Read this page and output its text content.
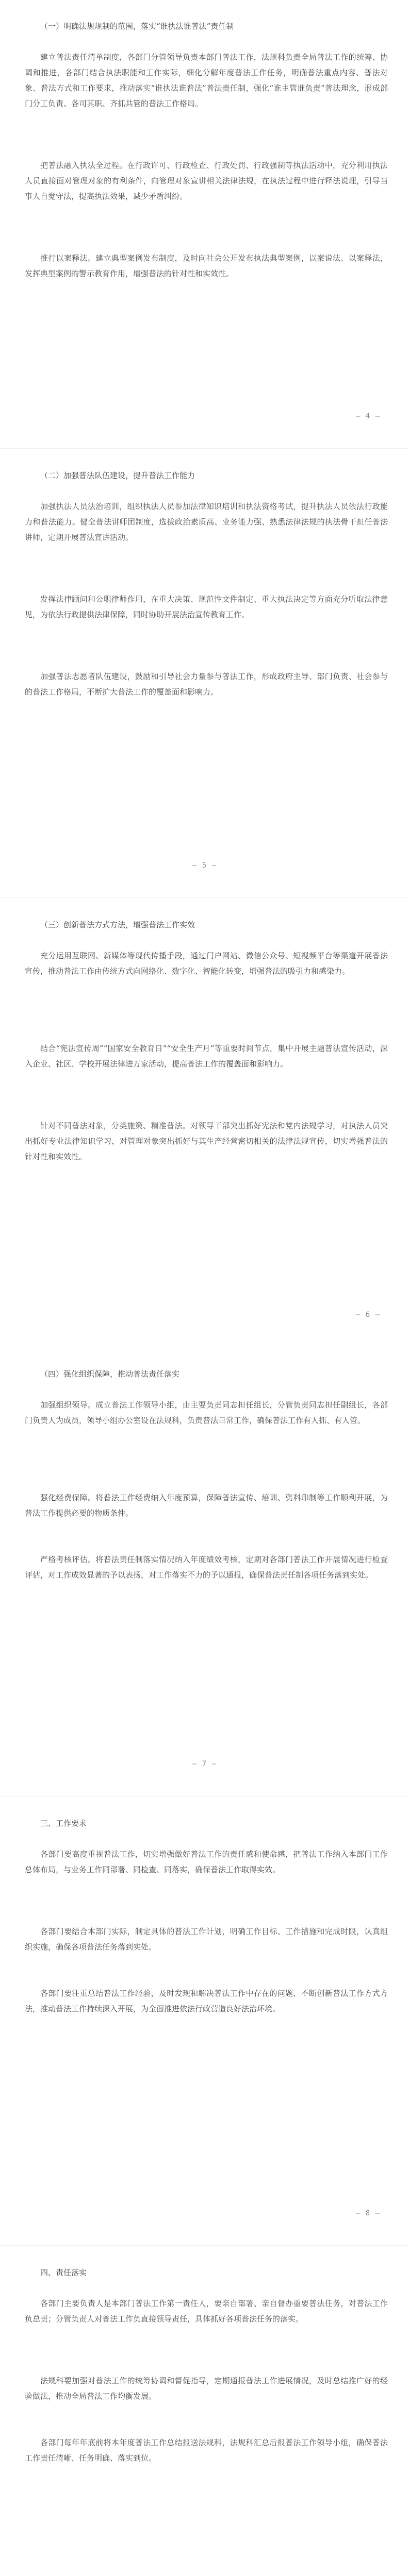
（一）明确法规规制的范围，落实“谁执法谁普法”责任制
建立普法责任清单制度，各部门分管领导负责本部门普法工作，法规科负责全局普法工作的统筹、协调和推进，各部门结合执法职能和工作实际，细化分解年度普法工作任务，明确普法重点内容、普法对象、普法方式和工作要求，推动落实“谁执法谁普法”普法责任制，强化“谁主管谁负责”普法理念，形成部门分工负责、各司其职、齐抓共管的普法工作格局。
把普法融入执法全过程。在行政许可、行政检查、行政处罚、行政强制等执法活动中，充分利用执法人员直接面对管理对象的有利条件，向管理对象宣讲相关法律法规，在执法过程中进行释法说理，引导当事人自觉守法，提高执法效果，减少矛盾纠纷。
推行以案释法。建立典型案例发布制度，及时向社会公开发布执法典型案例，以案说法、以案释法，发挥典型案例的警示教育作用，增强普法的针对性和实效性。
— 4 —
（二）加强普法队伍建设，提升普法工作能力
加强执法人员法治培训，组织执法人员参加法律知识培训和执法资格考试，提升执法人员依法行政能力和普法能力。健全普法讲师团制度，选拔政治素质高、业务能力强、熟悉法律法规的执法骨干担任普法讲师，定期开展普法宣讲活动。
发挥法律顾问和公职律师作用，在重大决策、规范性文件制定、重大执法决定等方面充分听取法律意见，为依法行政提供法律保障，同时协助开展法治宣传教育工作。
加强普法志愿者队伍建设，鼓励和引导社会力量参与普法工作，形成政府主导、部门负责、社会参与的普法工作格局，不断扩大普法工作的覆盖面和影响力。
— 5 —
（三）创新普法方式方法，增强普法工作实效
充分运用互联网、新媒体等现代传播手段，通过门户网站、微信公众号、短视频平台等渠道开展普法宣传，推动普法工作由传统方式向网络化、数字化、智能化转变，增强普法的吸引力和感染力。
结合“宪法宣传周”“国家安全教育日”“安全生产月”等重要时间节点，集中开展主题普法宣传活动，深入企业、社区、学校开展法律进万家活动，提高普法工作的覆盖面和影响力。
针对不同普法对象，分类施策、精准普法。对领导干部突出抓好宪法和党内法规学习，对执法人员突出抓好专业法律知识学习，对管理对象突出抓好与其生产经营密切相关的法律法规宣传，切实增强普法的针对性和实效性。
— 6 —
（四）强化组织保障，推动普法责任落实
加强组织领导。成立普法工作领导小组，由主要负责同志担任组长，分管负责同志担任副组长，各部门负责人为成员，领导小组办公室设在法规科，负责普法日常工作，确保普法工作有人抓、有人管。
强化经费保障。将普法工作经费纳入年度预算，保障普法宣传、培训、资料印制等工作顺利开展，为普法工作提供必要的物质条件。
严格考核评估。将普法责任制落实情况纳入年度绩效考核，定期对各部门普法工作开展情况进行检查评估，对工作成效显著的予以表扬，对工作落实不力的予以通报，确保普法责任制各项任务落到实处。
— 7 —
三、工作要求
各部门要高度重视普法工作，切实增强做好普法工作的责任感和使命感，把普法工作纳入本部门工作总体布局，与业务工作同部署、同检查、同落实，确保普法工作取得实效。
各部门要结合本部门实际，制定具体的普法工作计划，明确工作目标、工作措施和完成时限，认真组织实施，确保各项普法任务落到实处。
各部门要注重总结普法工作经验，及时发现和解决普法工作中存在的问题，不断创新普法工作方式方法，推动普法工作持续深入开展，为全面推进依法行政营造良好法治环境。
— 8 —
四、责任落实
各部门主要负责人是本部门普法工作第一责任人，要亲自部署、亲自督办重要普法任务，对普法工作负总责；分管负责人对普法工作负直接领导责任，具体抓好各项普法任务的落实。
法规科要加强对普法工作的统筹协调和督促指导，定期通报普法工作进展情况，及时总结推广好的经验做法，推动全局普法工作均衡发展。
各部门每年年底前将本年度普法工作总结报送法规科，法规科汇总后报普法工作领导小组，确保普法工作责任清晰、任务明确、落实到位。
